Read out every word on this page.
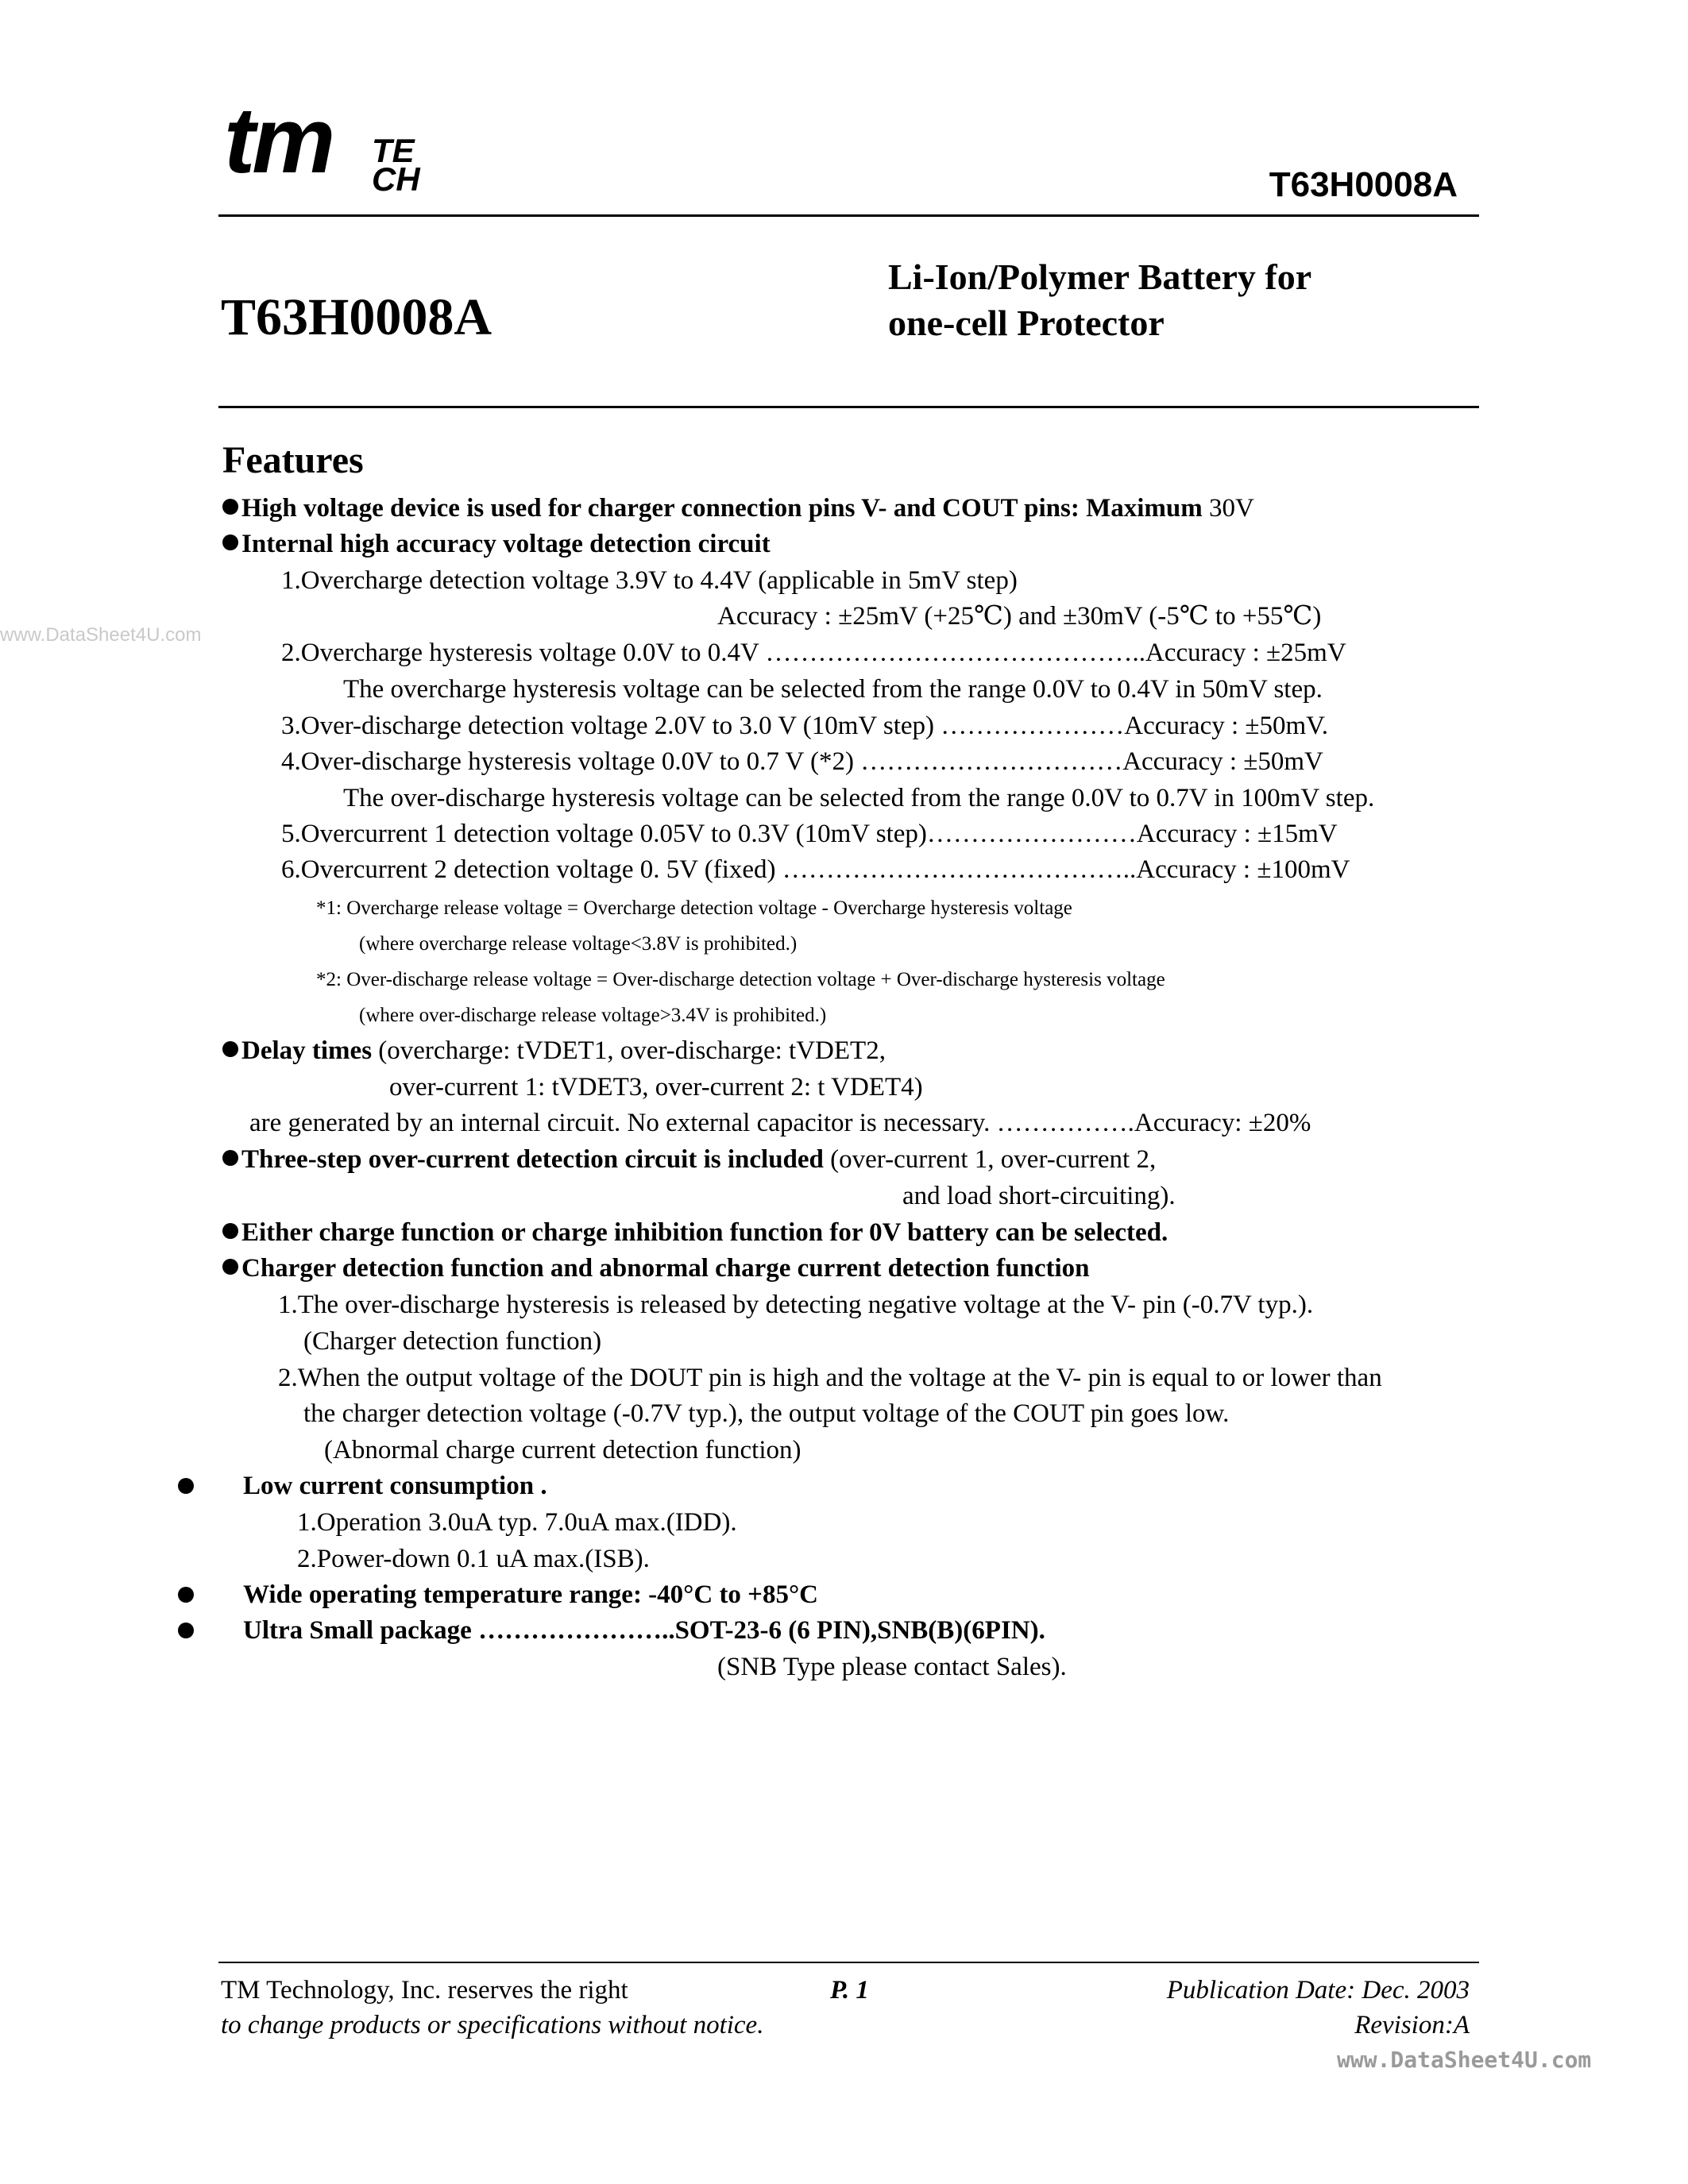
tm TE
CH	T63H0008A
T63H0008A
Li-Ion/Polymer Battery for
one-cell Protector
Features
High voltage device is used for charger connection pins V- and COUT pins: Maximum 30V
Internal high accuracy voltage detection circuit
1.Overcharge detection voltage 3.9V to 4.4V (applicable in 5mV step)
Accuracy : ±25mV (+25℃) and ±30mV (-5℃ to +55℃)
2.Overcharge hysteresis voltage 0.0V to 0.4V ……………………………………..Accuracy : ±25mV
The overcharge hysteresis voltage can be selected from the range 0.0V to 0.4V in 50mV step.
3.Over-discharge detection voltage 2.0V to 3.0 V (10mV step) …………………Accuracy : ±50mV.
4.Over-discharge hysteresis voltage 0.0V to 0.7 V (*2) …………………………Accuracy : ±50mV
The over-discharge hysteresis voltage can be selected from the range 0.0V to 0.7V in 100mV step.
5.Overcurrent 1 detection voltage 0.05V to 0.3V (10mV step)……………………Accuracy : ±15mV
6.Overcurrent 2 detection voltage 0. 5V (fixed) …………………………………..Accuracy : ±100mV
*1: Overcharge release voltage = Overcharge detection voltage - Overcharge hysteresis voltage
(where overcharge release voltage<3.8V is prohibited.)
*2: Over-discharge release voltage = Over-discharge detection voltage + Over-discharge hysteresis voltage
(where over-discharge release voltage>3.4V is prohibited.)
Delay times (overcharge: tVDET1, over-discharge: tVDET2,
over-current 1: tVDET3, over-current 2: t VDET4)
are generated by an internal circuit. No external capacitor is necessary. …………….Accuracy: ±20%
Three-step over-current detection circuit is included (over-current 1, over-current 2,
and load short-circuiting).
Either charge function or charge inhibition function for 0V battery can be selected.
Charger detection function and abnormal charge current detection function
1.The over-discharge hysteresis is released by detecting negative voltage at the V- pin (-0.7V typ.).
(Charger detection function)
2.When the output voltage of the DOUT pin is high and the voltage at the V- pin is equal to or lower than
the charger detection voltage (-0.7V typ.), the output voltage of the COUT pin goes low.
(Abnormal charge current detection function)
Low current consumption .
1.Operation 3.0uA typ. 7.0uA max.(IDD).
2.Power-down 0.1 uA max.(ISB).
Wide operating temperature range: -40°C to +85°C
Ultra Small package …………………..SOT-23-6 (6 PIN),SNB(B)(6PIN).
(SNB Type please contact Sales).
TM Technology, Inc. reserves the right
to change products or specifications without notice.
P. 1	Publication Date: Dec. 2003
Revision:A
www.DataSheet4U.com
www.DataSheet4U.com
